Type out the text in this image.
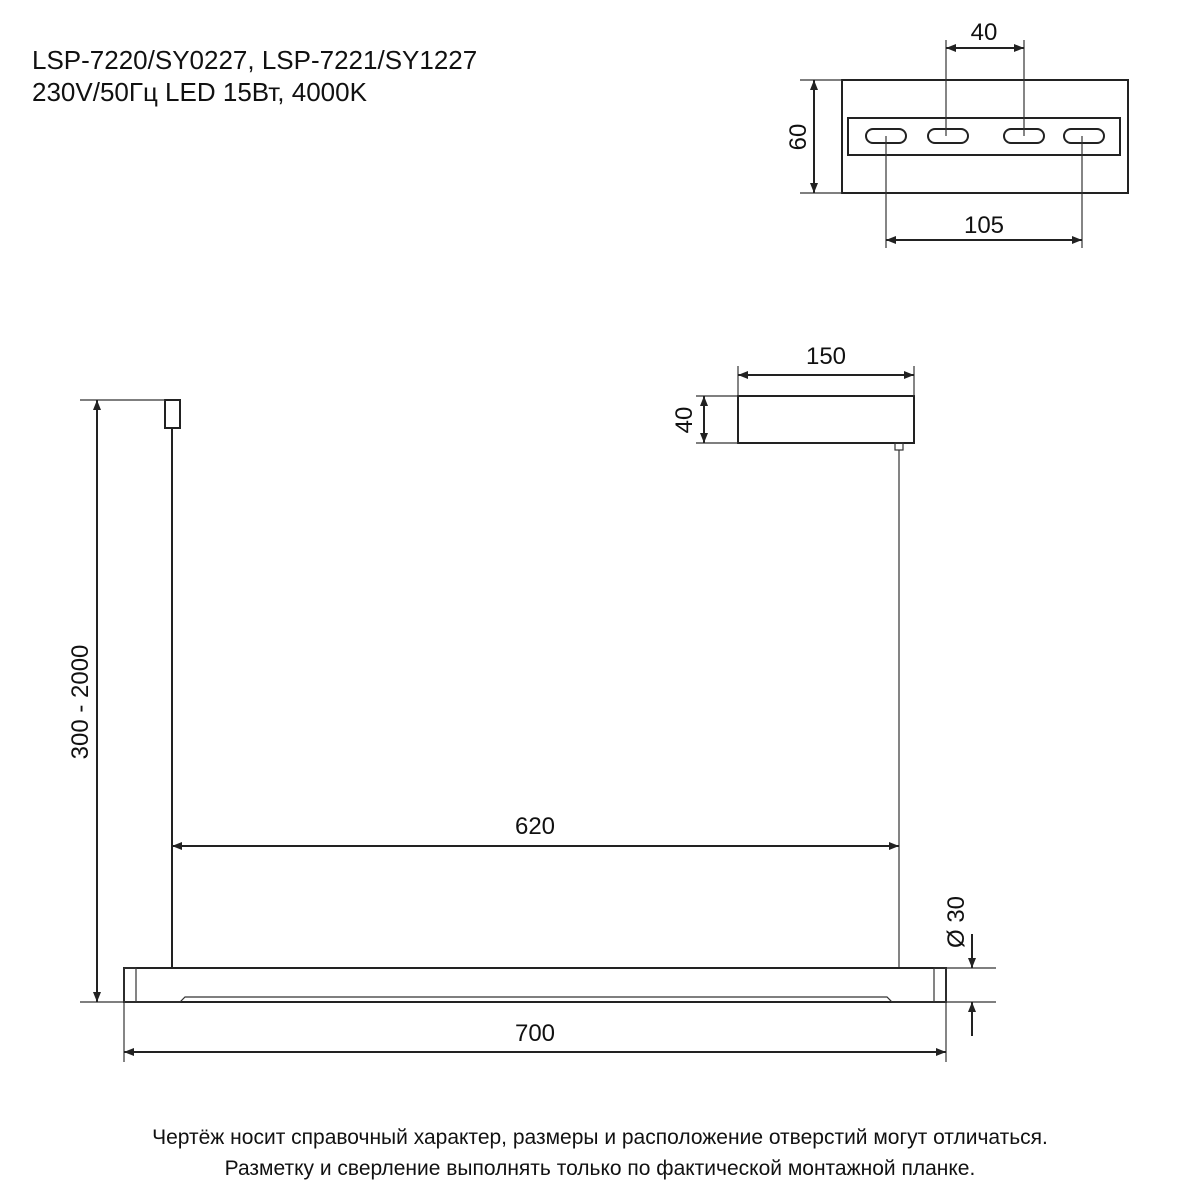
LSP-7220/SY0227, LSP-7221/SY1227
230V/50Гц LED 15Вт, 4000K
40
60
105
150
40
300 - 2000
620
700
Ø 30
Чертёж носит справочный характер, размеры и расположение отверстий могут отличаться.
Разметку и сверление выполнять только по фактической монтажной планке.
